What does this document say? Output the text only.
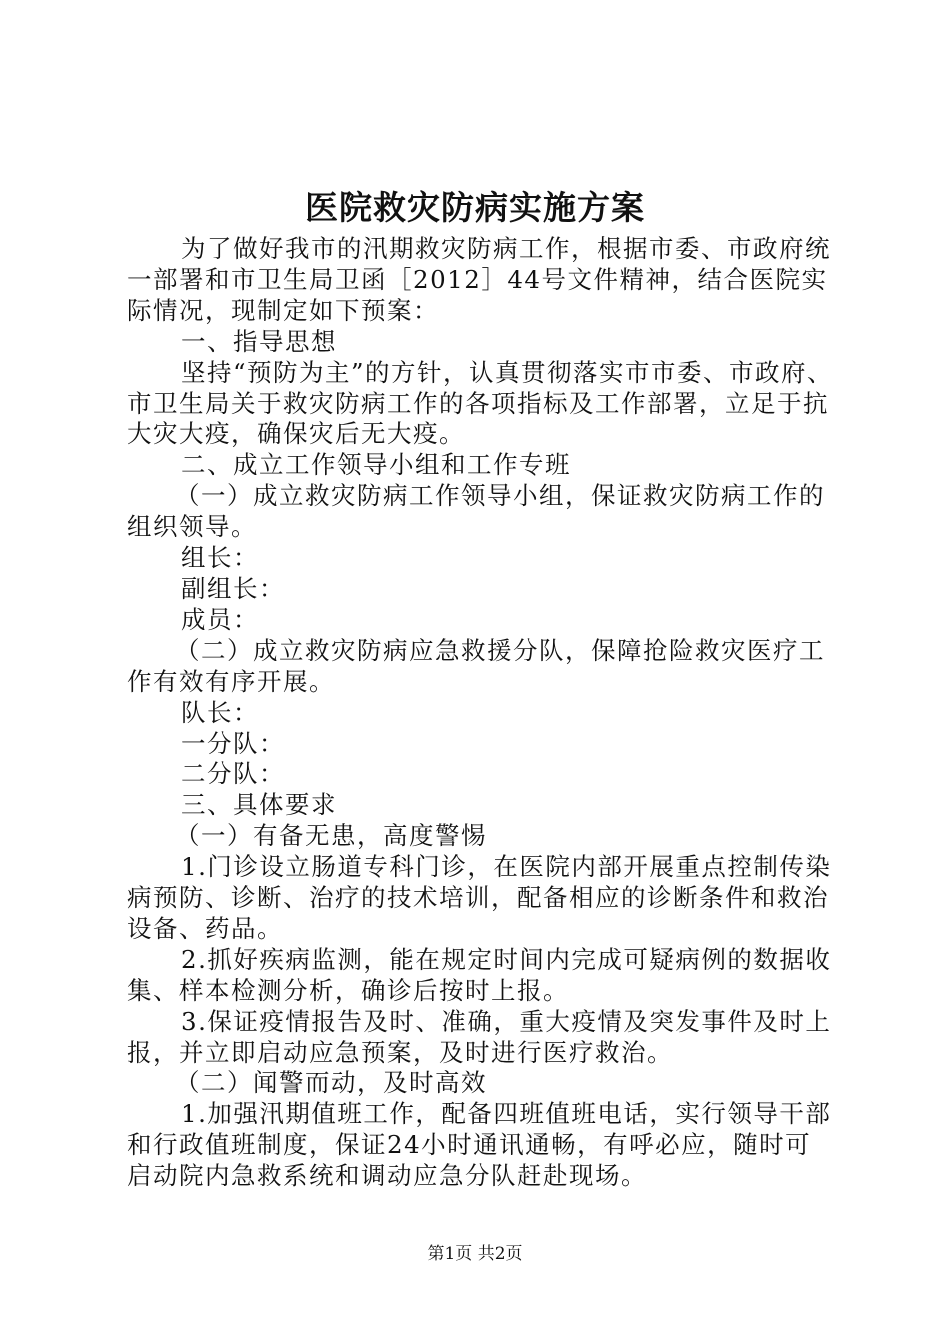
医院救灾防病实施方案

为了做好我市的汛期救灾防病工作，根据市委、市政府统一部署和市卫生局卫函［2012］44号文件精神，结合医院实际情况，现制定如下预案：

一、指导思想

坚持“预防为主”的方针，认真贯彻落实市市委、市政府、市卫生局关于救灾防病工作的各项指标及工作部署，立足于抗大灾大疫，确保灾后无大疫。

二、成立工作领导小组和工作专班

（一）成立救灾防病工作领导小组，保证救灾防病工作的组织领导。

组长：

副组长：

成员：

（二）成立救灾防病应急救援分队，保障抢险救灾医疗工作有效有序开展。

队长：

一分队：

二分队：

三、具体要求

（一）有备无患，高度警惕

1.门诊设立肠道专科门诊，在医院内部开展重点控制传染病预防、诊断、治疗的技术培训，配备相应的诊断条件和救治设备、药品。

2.抓好疾病监测，能在规定时间内完成可疑病例的数据收集、样本检测分析，确诊后按时上报。

3.保证疫情报告及时、准确，重大疫情及突发事件及时上报，并立即启动应急预案，及时进行医疗救治。

（二）闻警而动，及时高效

1.加强汛期值班工作，配备四班值班电话，实行领导干部和行政值班制度，保证24小时通讯通畅，有呼必应，随时可启动院内急救系统和调动应急分队赶赴现场。

第1页 共2页
